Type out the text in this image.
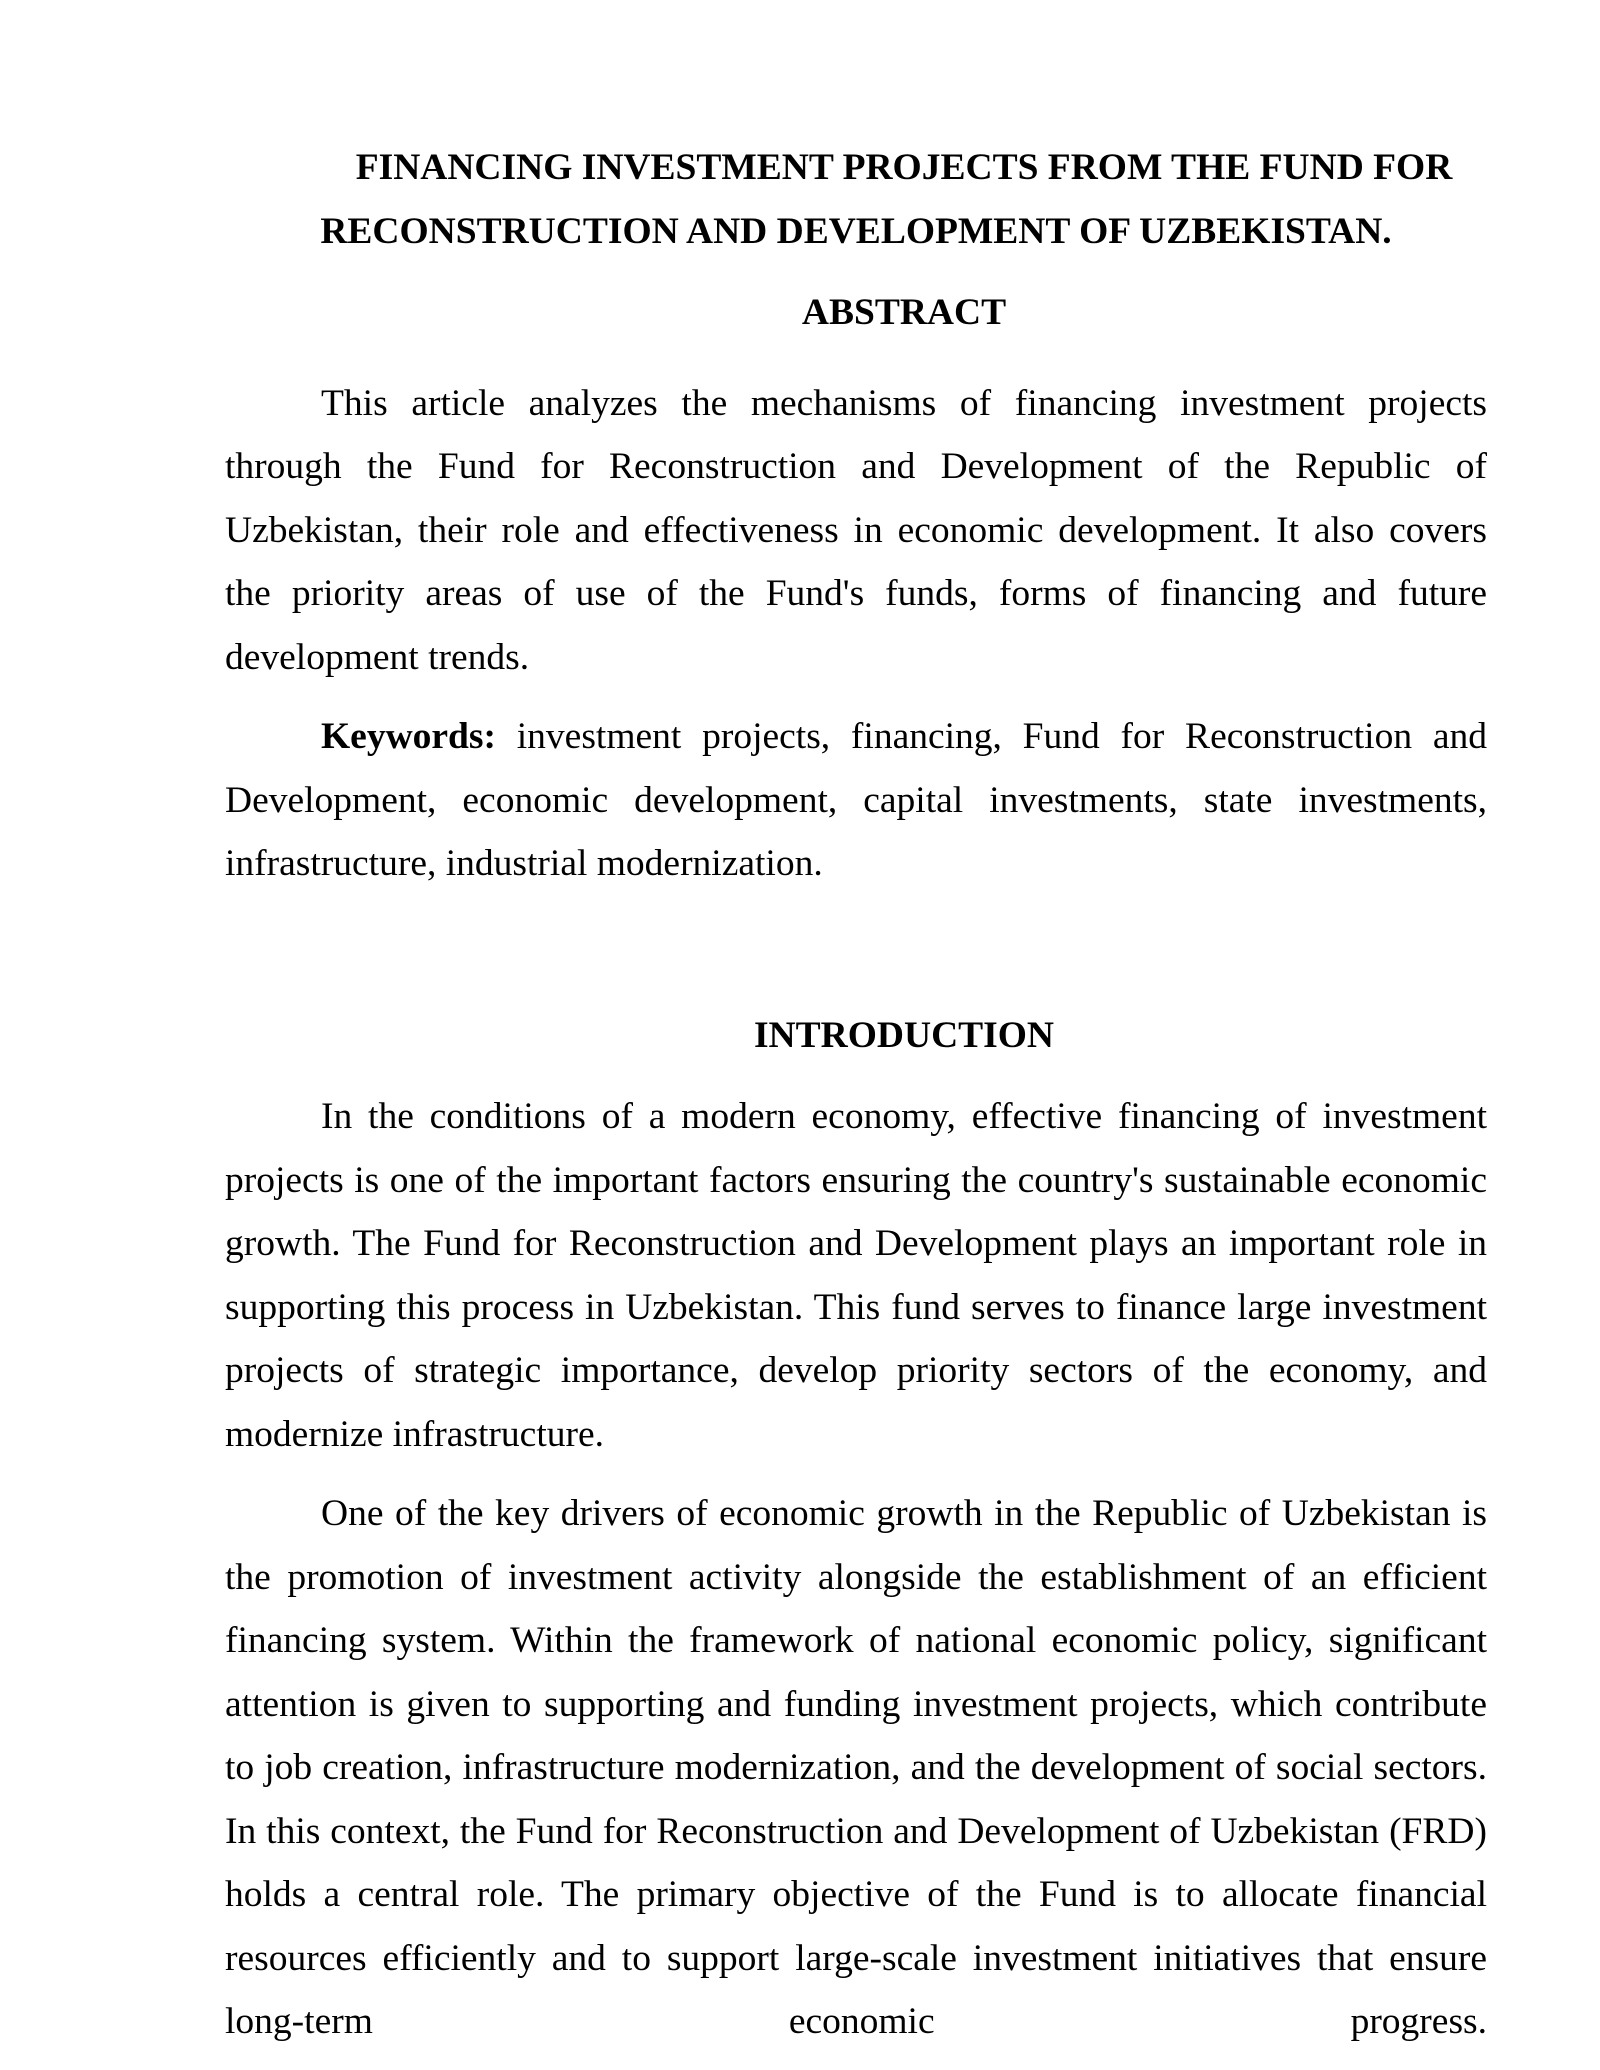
FINANCING INVESTMENT PROJECTS FROM THE FUND FOR RECONSTRUCTION AND DEVELOPMENT OF UZBEKISTAN.
ABSTRACT

This article analyzes the mechanisms of financing investment projects through the Fund for Reconstruction and Development of the Republic of Uzbekistan, their role and effectiveness in economic development. It also covers the priority areas of use of the Fund's funds, forms of financing and future development trends.

Keywords: investment projects, financing, Fund for Reconstruction and Development, economic development, capital investments, state investments, infrastructure, industrial modernization.

INTRODUCTION

In the conditions of a modern economy, effective financing of investment projects is one of the important factors ensuring the country's sustainable economic growth. The Fund for Reconstruction and Development plays an important role in supporting this process in Uzbekistan. This fund serves to finance large investment projects of strategic importance, develop priority sectors of the economy, and modernize infrastructure.

One of the key drivers of economic growth in the Republic of Uzbekistan is the promotion of investment activity alongside the establishment of an efficient financing system. Within the framework of national economic policy, significant attention is given to supporting and funding investment projects, which contribute to job creation, infrastructure modernization, and the development of social sectors. In this context, the Fund for Reconstruction and Development of Uzbekistan (FRD) holds a central role. The primary objective of the Fund is to allocate financial resources efficiently and to support large-scale investment initiatives that ensure long-term economic progress.
